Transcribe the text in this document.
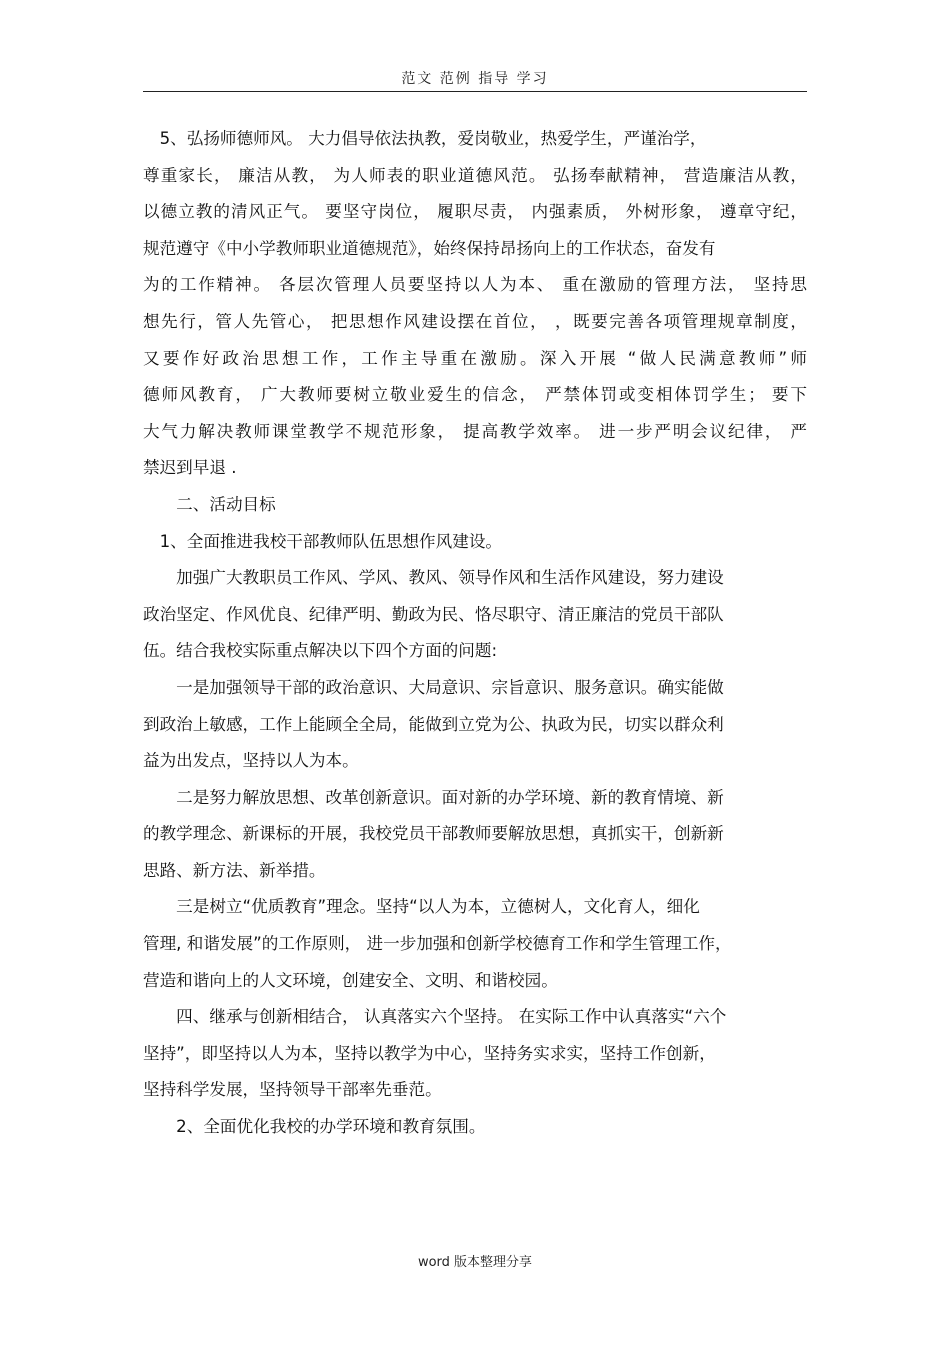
范文 范例 指导 学习
　5、弘扬师德师风。 大力倡导依法执教，爱岗敬业，热爱学生，严谨治学，
尊重家长， 廉洁从教， 为人师表的职业道德风范。 弘扬奉献精神， 营造廉洁从教，
以德立教的清风正气。 要坚守岗位， 履职尽责， 内强素质， 外树形象， 遵章守纪，
规范遵守《中小学教师职业道德规范》，始终保持昂扬向上的工作状态，奋发有
为的工作精神。 各层次管理人员要坚持以人为本、 重在激励的管理方法， 坚持思
想先行，管人先管心， 把思想作风建设摆在首位， ，既要完善各项管理规章制度，
又要作好政治思想工作，工作主导重在激励。深入开展 “做人民满意教师”师
德师风教育， 广大教师要树立敬业爱生的信念， 严禁体罚或变相体罚学生； 要下
大气力解决教师课堂教学不规范形象， 提高教学效率。 进一步严明会议纪律， 严
禁迟到早退 .
　　二、活动目标
　1、全面推进我校干部教师队伍思想作风建设。
　　加强广大教职员工作风、学风、教风、领导作风和生活作风建设，努力建设
政治坚定、作风优良、纪律严明、勤政为民、恪尽职守、清正廉洁的党员干部队
伍。结合我校实际重点解决以下四个方面的问题:
　　一是加强领导干部的政治意识、大局意识、宗旨意识、服务意识。确实能做
到政治上敏感，工作上能顾全全局，能做到立党为公、执政为民，切实以群众利
益为出发点，坚持以人为本。
　　二是努力解放思想、改革创新意识。面对新的办学环境、新的教育情境、新
的教学理念、新课标的开展，我校党员干部教师要解放思想，真抓实干，创新新
思路、新方法、新举措。
　　三是树立“优质教育”理念。坚持“以人为本，立德树人，文化育人，细化
管理, 和谐发展”的工作原则， 进一步加强和创新学校德育工作和学生管理工作，
营造和谐向上的人文环境，创建安全、文明、和谐校园。
　　四、继承与创新相结合， 认真落实六个坚持。 在实际工作中认真落实“六个
坚持”，即坚持以人为本，坚持以教学为中心，坚持务实求实，坚持工作创新，
坚持科学发展，坚持领导干部率先垂范。
　　2、全面优化我校的办学环境和教育氛围。
word 版本整理分享
